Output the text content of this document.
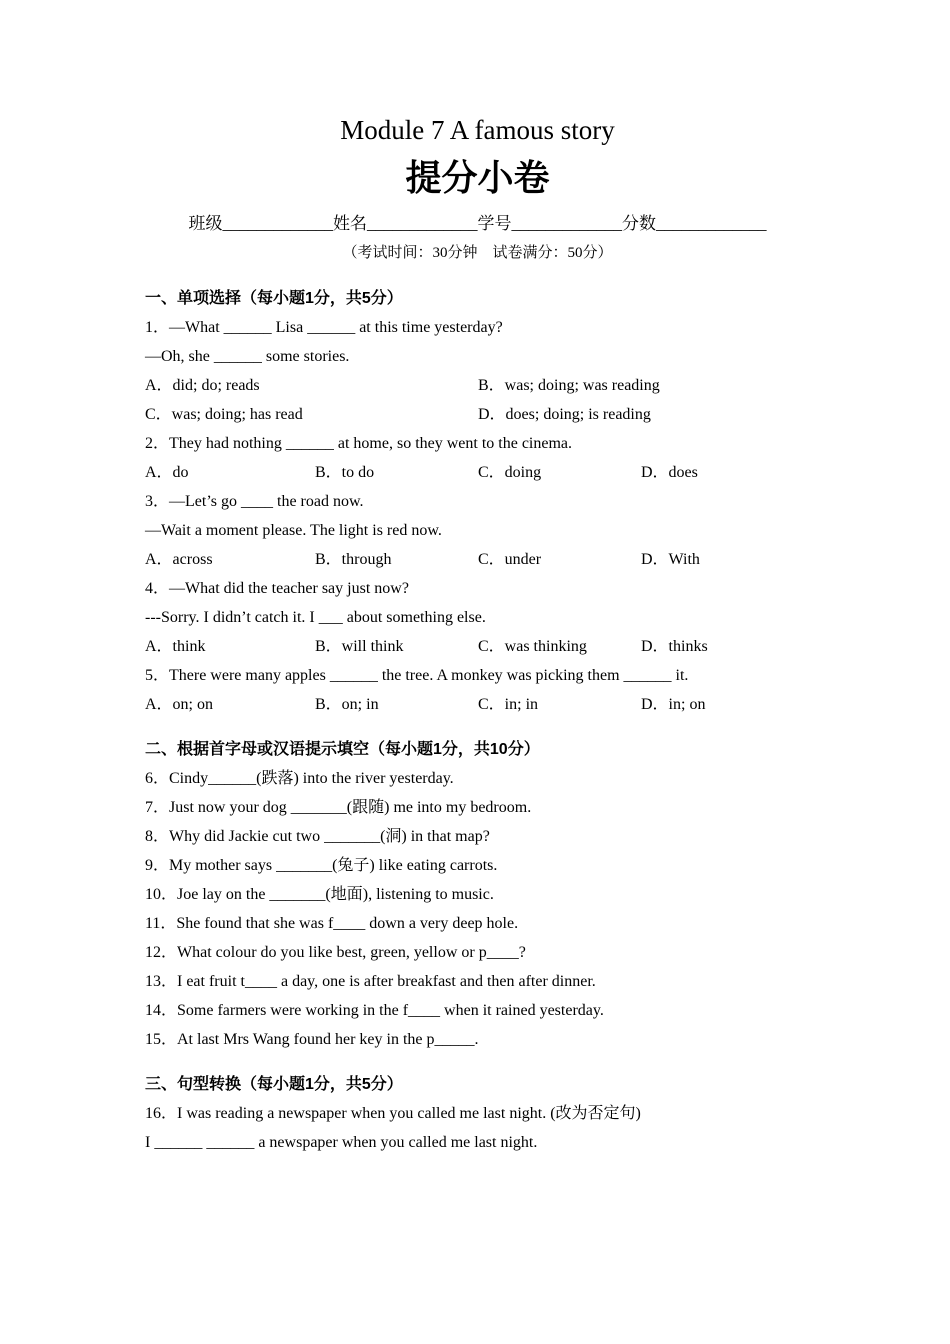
Module 7 A famous story
提分小卷
班级_____________姓名_____________学号_____________分数_____________
（考试时间：30分钟　试卷满分：50分）
一、单项选择（每小题1分，共5分）
1．—What ______ Lisa ______ at this time yesterday?
—Oh, she ______ some stories.
A．did; do; reads	B．was; doing; was reading
C．was; doing; has read	D．does; doing; is reading
2．They had nothing ______ at home, so they went to the cinema.
A．do	B．to do	C．doing	D．does
3．—Let’s go ____ the road now.
—Wait a moment please. The light is red now.
A．across	B．through	C．under	D．With
4．—What did the teacher say just now?
---Sorry. I didn’t catch it. I ___ about something else.
A．think	B．will think	C．was thinking	D．thinks
5．There were many apples ______ the tree. A monkey was picking them ______ it.
A．on; on	B．on; in	C．in; in	D．in; on
二、根据首字母或汉语提示填空（每小题1分，共10分）
6．Cindy______(跌落) into the river yesterday.
7．Just now your dog _______(跟随) me into my bedroom.
8．Why did Jackie cut two _______(洞) in that map?
9．My mother says _______(兔子) like eating carrots.
10．Joe lay on the _______(地面), listening to music.
11．She found that she was f____ down a very deep hole.
12．What colour do you like best, green, yellow or p____?
13．I eat fruit t____ a day, one is after breakfast and then after dinner.
14．Some farmers were working in the f____ when it rained yesterday.
15．At last Mrs Wang found her key in the p_____.
三、句型转换（每小题1分，共5分）
16．I was reading a newspaper when you called me last night. (改为否定句)
I ______ ______ a newspaper when you called me last night.
